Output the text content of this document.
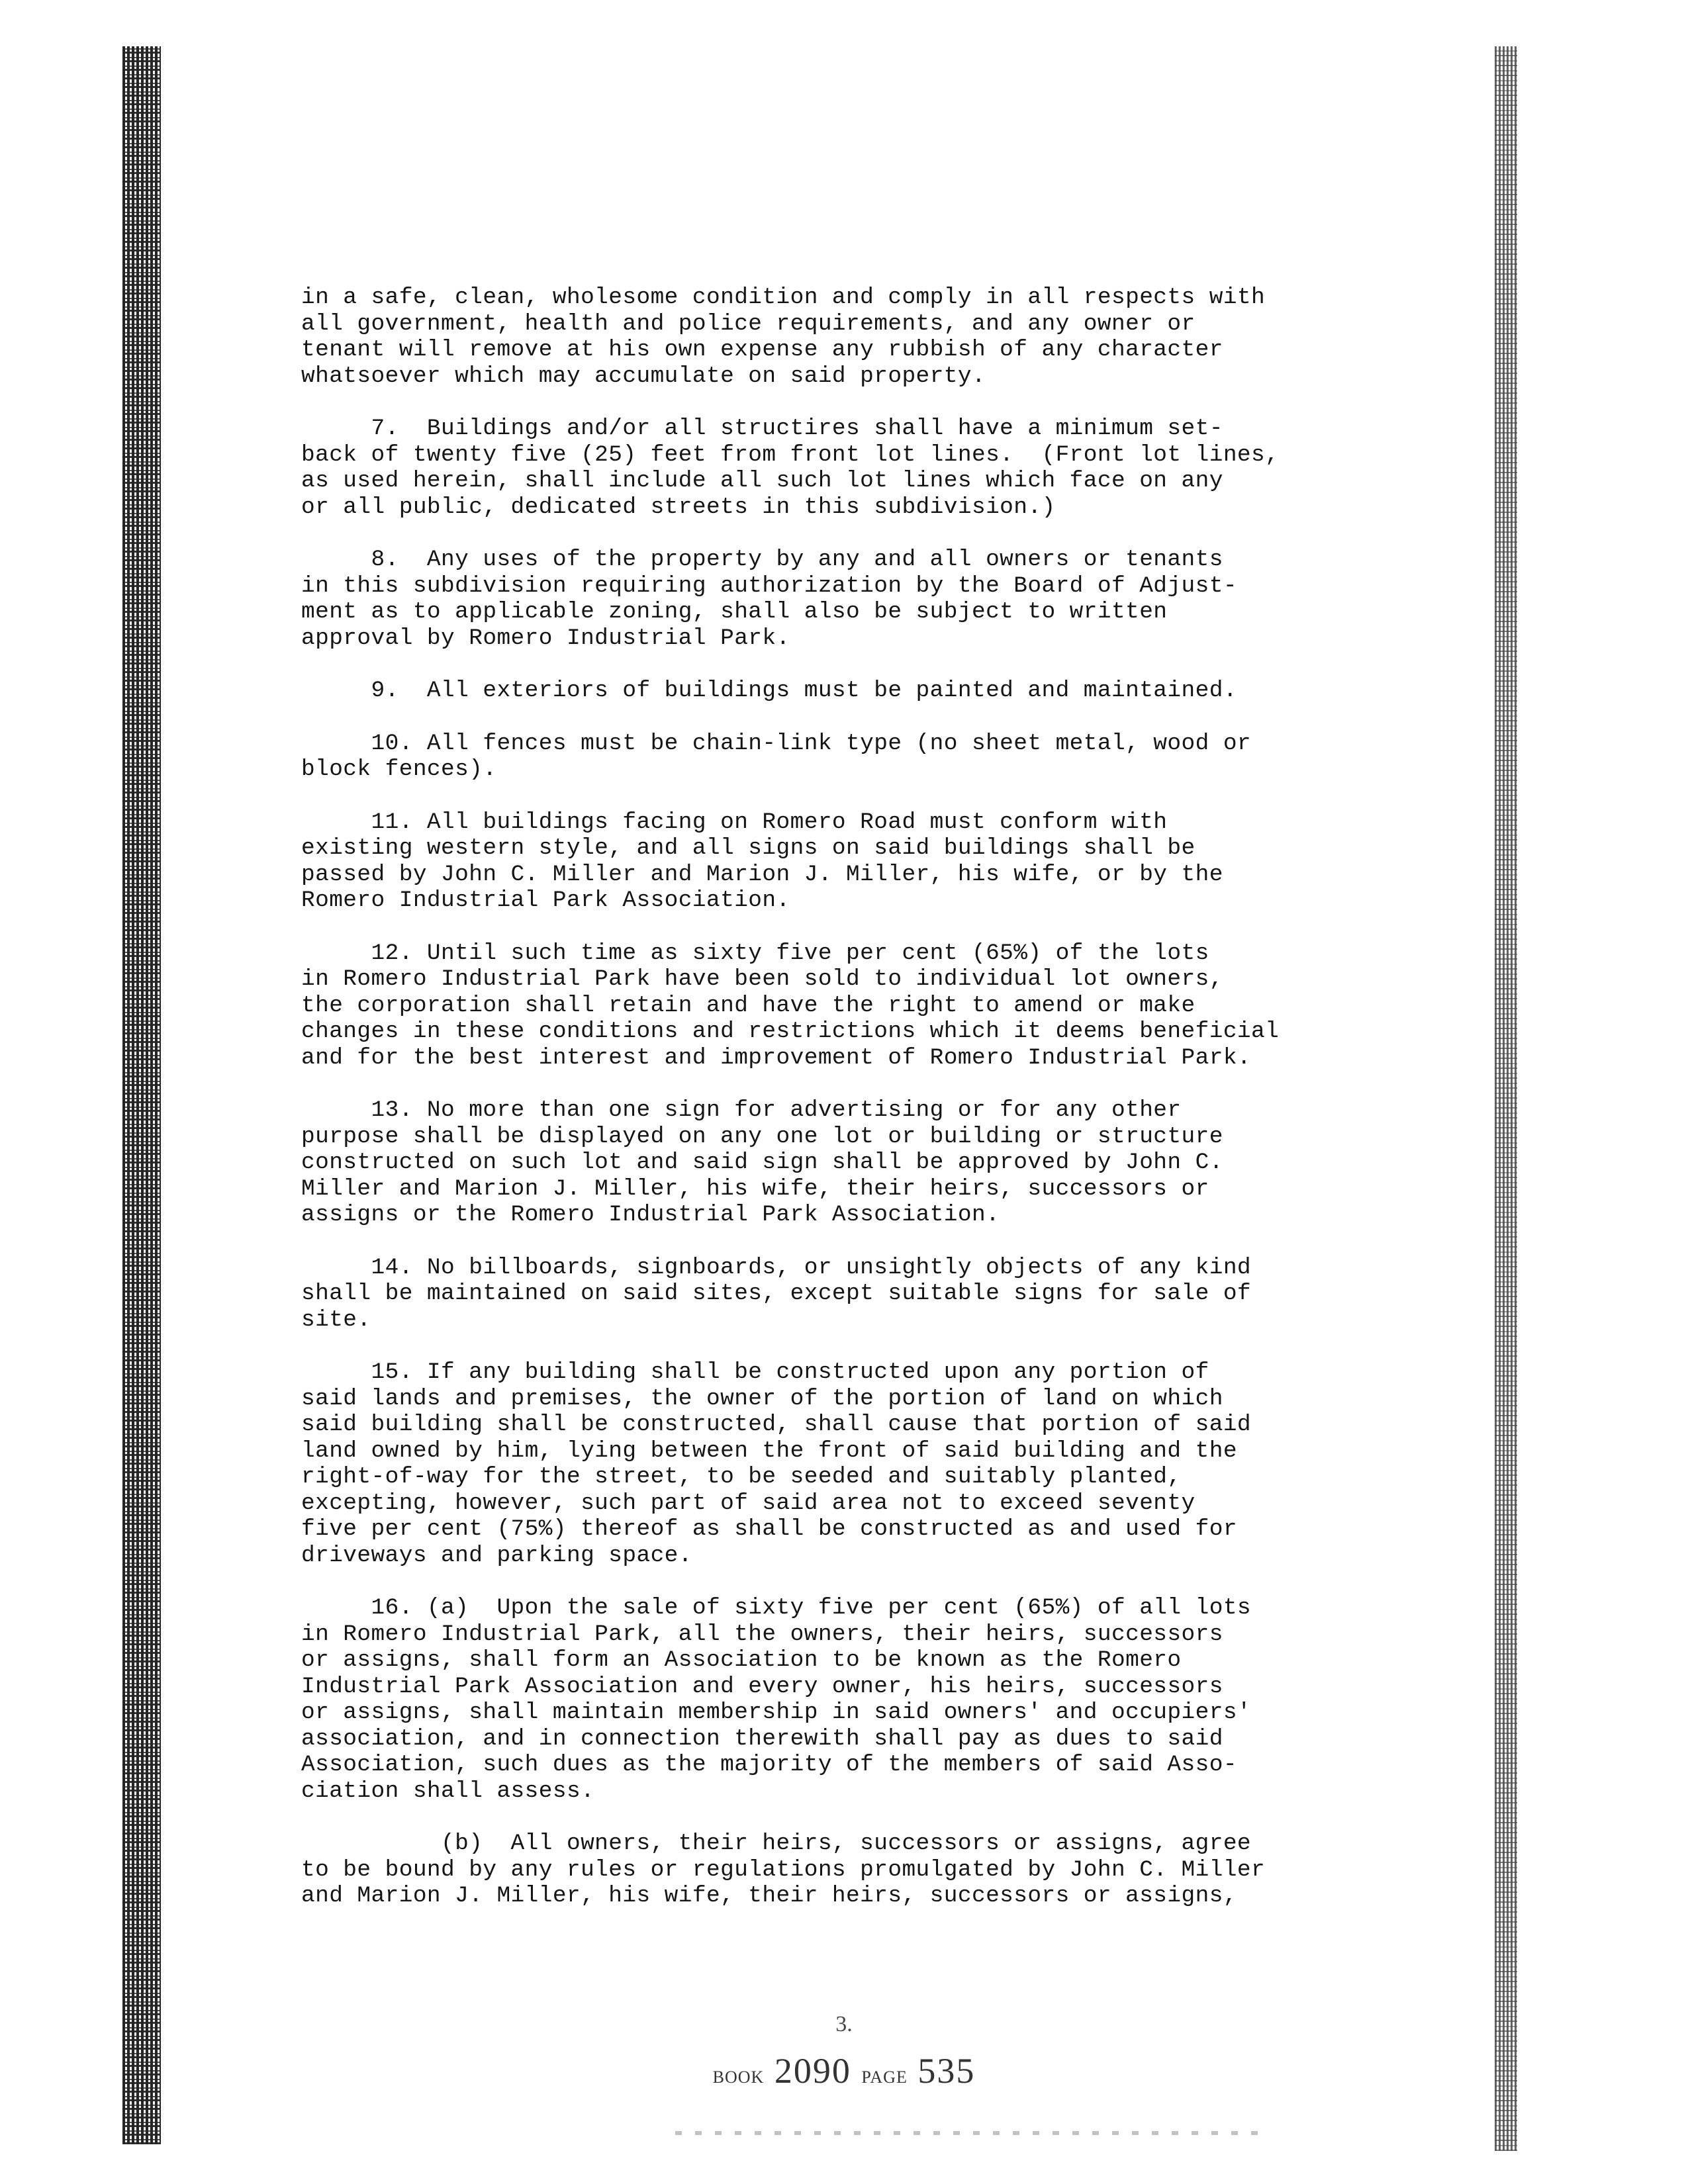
in a safe, clean, wholesome condition and comply in all respects with
all government, health and police requirements, and any owner or
tenant will remove at his own expense any rubbish of any character
whatsoever which may accumulate on said property.
7.  Buildings and/or all structires shall have a minimum set-
back of twenty five (25) feet from front lot lines.  (Front lot lines,
as used herein, shall include all such lot lines which face on any
or all public, dedicated streets in this subdivision.)
8.  Any uses of the property by any and all owners or tenants
in this subdivision requiring authorization by the Board of Adjust-
ment as to applicable zoning, shall also be subject to written
approval by Romero Industrial Park.
9.  All exteriors of buildings must be painted and maintained.
10. All fences must be chain-link type (no sheet metal, wood or
block fences).
11. All buildings facing on Romero Road must conform with
existing western style, and all signs on said buildings shall be
passed by John C. Miller and Marion J. Miller, his wife, or by the
Romero Industrial Park Association.
12. Until such time as sixty five per cent (65%) of the lots
in Romero Industrial Park have been sold to individual lot owners,
the corporation shall retain and have the right to amend or make
changes in these conditions and restrictions which it deems beneficial
and for the best interest and improvement of Romero Industrial Park.
13. No more than one sign for advertising or for any other
purpose shall be displayed on any one lot or building or structure
constructed on such lot and said sign shall be approved by John C.
Miller and Marion J. Miller, his wife, their heirs, successors or
assigns or the Romero Industrial Park Association.
14. No billboards, signboards, or unsightly objects of any kind
shall be maintained on said sites, except suitable signs for sale of
site.
15. If any building shall be constructed upon any portion of
said lands and premises, the owner of the portion of land on which
said building shall be constructed, shall cause that portion of said
land owned by him, lying between the front of said building and the
right-of-way for the street, to be seeded and suitably planted,
excepting, however, such part of said area not to exceed seventy
five per cent (75%) thereof as shall be constructed as and used for
driveways and parking space.
16. (a)  Upon the sale of sixty five per cent (65%) of all lots
in Romero Industrial Park, all the owners, their heirs, successors
or assigns, shall form an Association to be known as the Romero
Industrial Park Association and every owner, his heirs, successors
or assigns, shall maintain membership in said owners' and occupiers'
association, and in connection therewith shall pay as dues to said
Association, such dues as the majority of the members of said Asso-
ciation shall assess.
(b)  All owners, their heirs, successors or assigns, agree
to be bound by any rules or regulations promulgated by John C. Miller
and Marion J. Miller, his wife, their heirs, successors or assigns,
3.
BOOK 2090 PAGE 535
